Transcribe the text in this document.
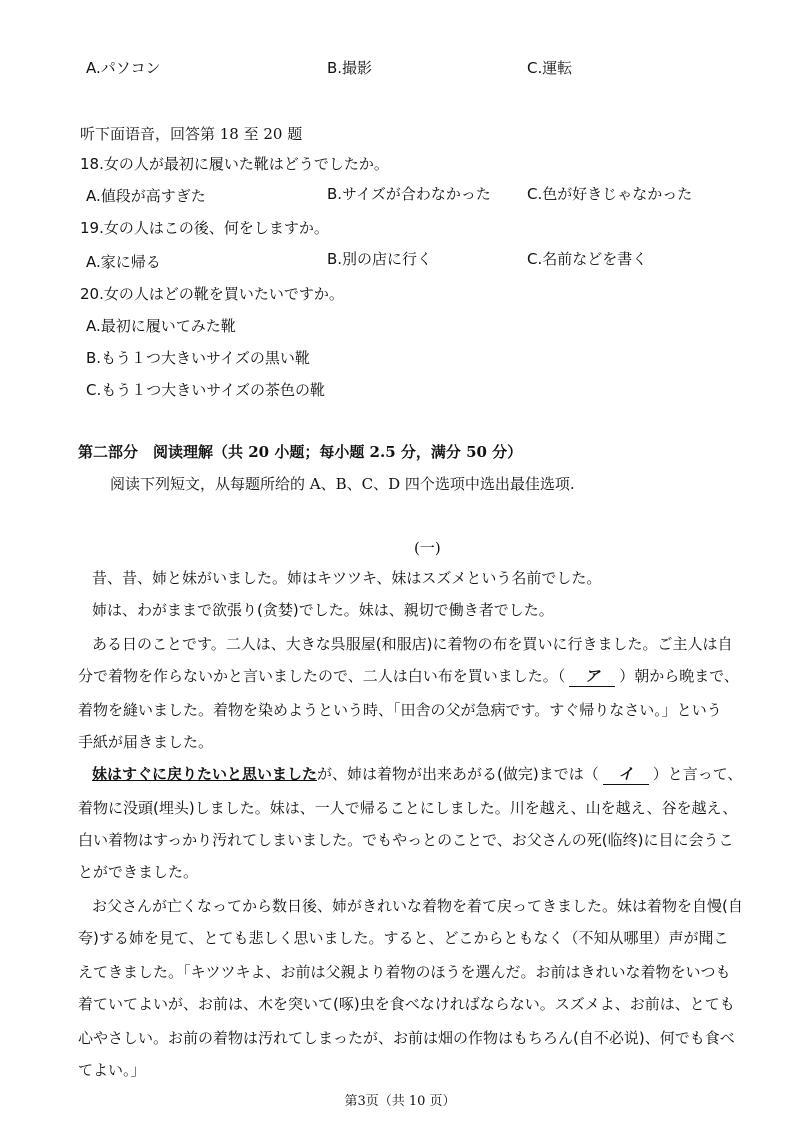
A.パソコン	B.撮影	C.運転
听下面语音，回答第 18 至 20 题
18.女の人が最初に履いた靴はどうでしたか。
A.値段が高すぎた	B.サイズが合わなかった C.色が好きじゃなかった
19.女の人はこの後、何をしますか。
A.家に帰る	B.別の店に行く	C.名前などを書く
20.女の人はどの靴を買いたいですか。
A.最初に履いてみた靴
B.もう１つ大きいサイズの黒い靴
C.もう１つ大きいサイズの茶色の靴
第二部分　阅读理解（共 20 小题；每小题 2.5 分，满分 50 分）
阅读下列短文，从每题所给的 A、B、C、D 四个选项中选出最佳选项.
(一)
昔、昔、姉と妹がいました。姉はキツツキ、妹はスズメという名前でした。
姉は、わがままで欲張り(贪婪)でした。妹は、親切で働き者でした。
ある日のことです。二人は、大きな呉服屋(和服店)に着物の布を買いに行きました。ご主人は自
分で着物を作らないかと言いましたので、二人は白い布を買いました。（ ア ）朝から晩まで、
着物を縫いました。着物を染めようという時、「田舎の父が急病です。すぐ帰りなさい。」という
手紙が届きました。
妹はすぐに戻りたいと思いましたが、姉は着物が出来あがる(做完)までは（ イ ）と言って、
着物に没頭(埋头)しました。妹は、一人で帰ることにしました。川を越え、山を越え、谷を越え、
白い着物はすっかり汚れてしまいました。でもやっとのことで、お父さんの死(临终)に目に会うこ
とができました。
お父さんが亡くなってから数日後、姉がきれいな着物を着て戻ってきました。妹は着物を自慢(自
夸)する姉を見て、とても悲しく思いました。すると、どこからともなく（不知从哪里）声が聞こ
えてきました。「キツツキよ、お前は父親より着物のほうを選んだ。お前はきれいな着物をいつも
着ていてよいが、お前は、木を突いて(啄)虫を食べなければならない。スズメよ、お前は、とても
心やさしい。お前の着物は汚れてしまったが、お前は畑の作物はもちろん(自不必说)、何でも食べ
てよい。」
第3页（共 10 页）
